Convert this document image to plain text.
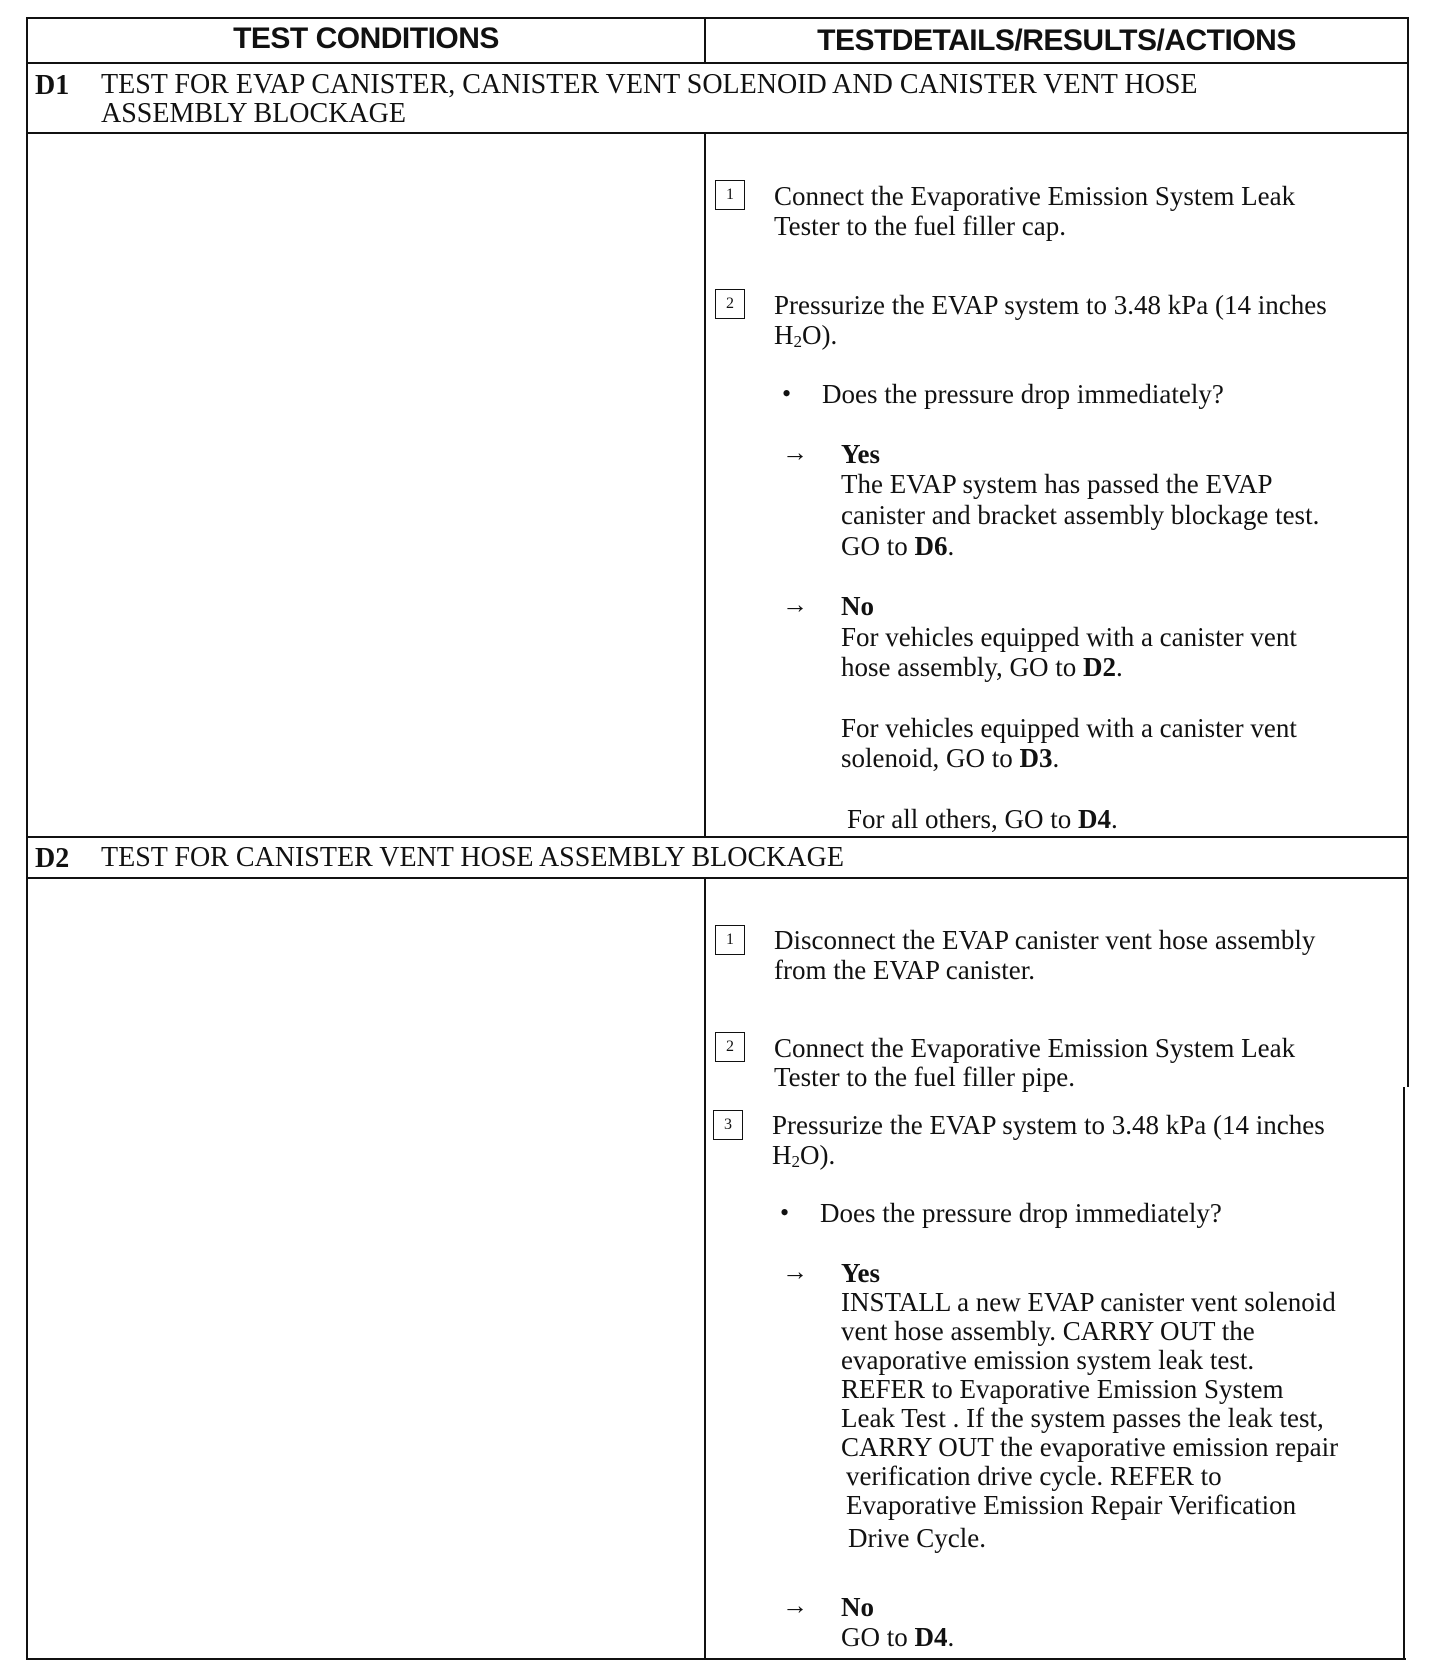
TEST CONDITIONS	TESTDETAILS/RESULTS/ACTIONS
D1 TEST FOR EVAP CANISTER, CANISTER VENT SOLENOID AND CANISTER VENT HOSE
ASSEMBLY BLOCKAGE
1	Connect the Evaporative Emission System Leak
Tester to the fuel filler cap.
2	Pressurize the EVAP system to 3.48 kPa (14 inches
$H_2O$).
• Does the pressure drop immediately?
→ Yes
The EVAP system has passed the EVAP
canister and bracket assembly blockage test.
GO to D6.
→ No
For vehicles equipped with a canister vent
hose assembly, GO to D2.
For vehicles equipped with a canister vent
solenoid, GO to D3.
For all others, GO to D4.
D2 TEST FOR CANISTER VENT HOSE ASSEMBLY BLOCKAGE
1	Disconnect the EVAP canister vent hose assembly
from the EVAP canister.
2	Connect the Evaporative Emission System Leak
Tester to the fuel filler pipe.
3	Pressurize the EVAP system to 3.48 kPa (14 inches
$H_2O$).
• Does the pressure drop immediately?
→ Yes
INSTALL a new EVAP canister vent solenoid
vent hose assembly. CARRY OUT the
evaporative emission system leak test.
REFER to Evaporative Emission System
Leak Test . If the system passes the leak test,
CARRY OUT the evaporative emission repair
verification drive cycle. REFER to
Evaporative Emission Repair Verification
Drive Cycle.
→ No
GO to D4.
